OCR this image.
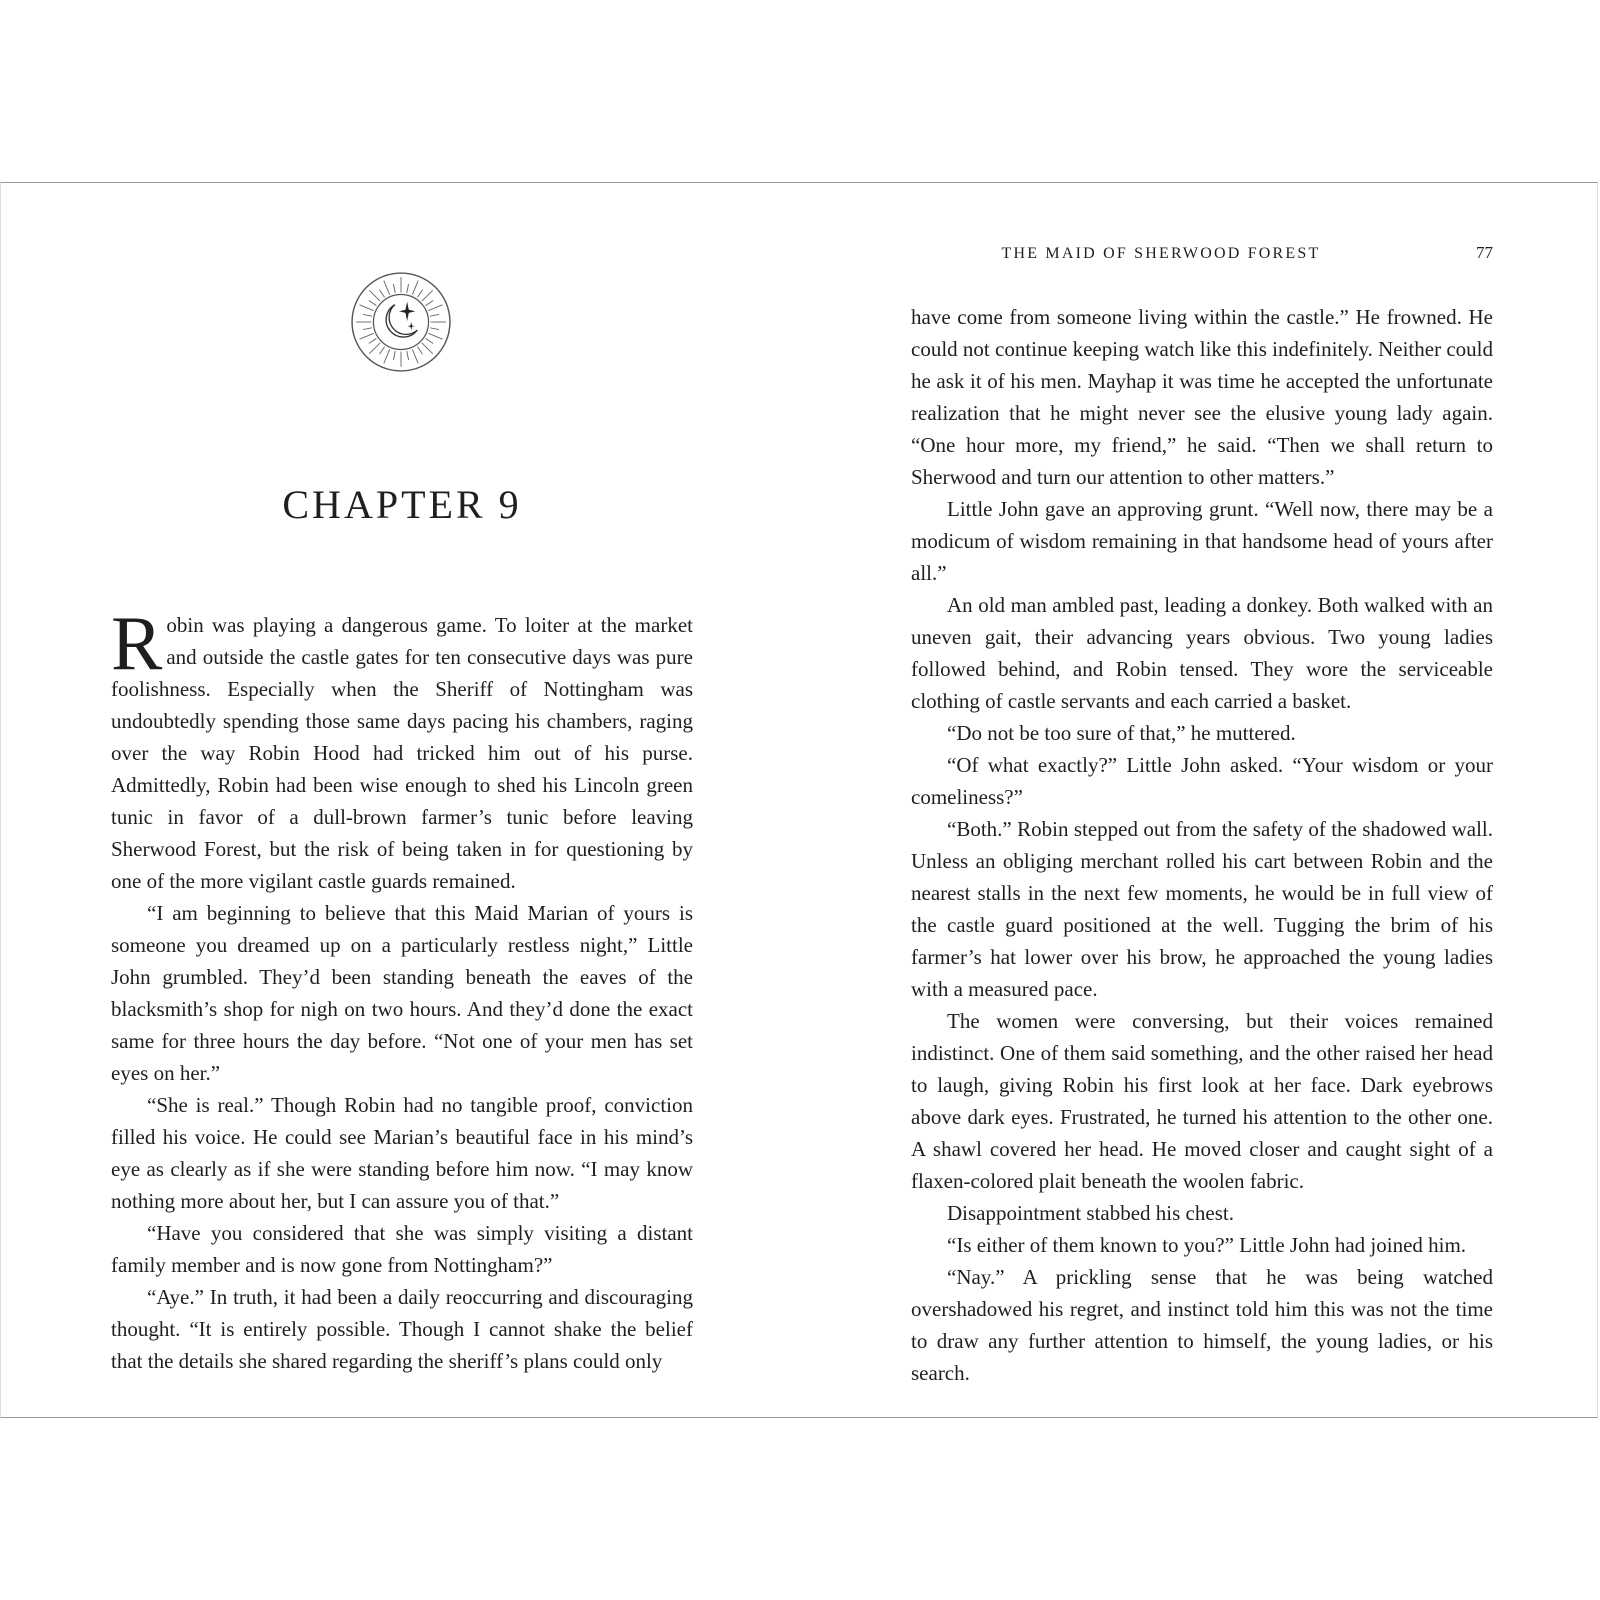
CHAPTER 9

Robin was playing a dangerous game. To loiter at the market and outside the castle gates for ten consecutive days was pure foolishness. Especially when the Sheriff of Nottingham was undoubtedly spending those same days pacing his chambers, raging over the way Robin Hood had tricked him out of his purse. Admittedly, Robin had been wise enough to shed his Lincoln green tunic in favor of a dull-brown farmer’s tunic before leaving Sherwood Forest, but the risk of being taken in for questioning by one of the more vigilant castle guards remained.

“I am beginning to believe that this Maid Marian of yours is someone you dreamed up on a particularly restless night,” Little John grumbled. They’d been standing beneath the eaves of the blacksmith’s shop for nigh on two hours. And they’d done the exact same for three hours the day before. “Not one of your men has set eyes on her.”

“She is real.” Though Robin had no tangible proof, conviction filled his voice. He could see Marian’s beautiful face in his mind’s eye as clearly as if she were standing before him now. “I may know nothing more about her, but I can assure you of that.”

“Have you considered that she was simply visiting a distant family member and is now gone from Nottingham?”

“Aye.” In truth, it had been a daily reoccurring and discouraging thought. “It is entirely possible. Though I cannot shake the belief that the details she shared regarding the sheriff’s plans could only

THE MAID OF SHERWOOD FOREST	77

have come from someone living within the castle.” He frowned. He could not continue keeping watch like this indefinitely. Neither could he ask it of his men. Mayhap it was time he accepted the unfortunate realization that he might never see the elusive young lady again. “One hour more, my friend,” he said. “Then we shall return to Sherwood and turn our attention to other matters.”

Little John gave an approving grunt. “Well now, there may be a modicum of wisdom remaining in that handsome head of yours after all.”

An old man ambled past, leading a donkey. Both walked with an uneven gait, their advancing years obvious. Two young ladies followed behind, and Robin tensed. They wore the serviceable clothing of castle servants and each carried a basket.

“Do not be too sure of that,” he muttered.

“Of what exactly?” Little John asked. “Your wisdom or your comeliness?”

“Both.” Robin stepped out from the safety of the shadowed wall. Unless an obliging merchant rolled his cart between Robin and the nearest stalls in the next few moments, he would be in full view of the castle guard positioned at the well. Tugging the brim of his farmer’s hat lower over his brow, he approached the young ladies with a measured pace.

The women were conversing, but their voices remained indistinct. One of them said something, and the other raised her head to laugh, giving Robin his first look at her face. Dark eyebrows above dark eyes. Frustrated, he turned his attention to the other one. A shawl covered her head. He moved closer and caught sight of a flaxen-colored plait beneath the woolen fabric.

Disappointment stabbed his chest.

“Is either of them known to you?” Little John had joined him.

“Nay.” A prickling sense that he was being watched overshadowed his regret, and instinct told him this was not the time to draw any further attention to himself, the young ladies, or his search.
